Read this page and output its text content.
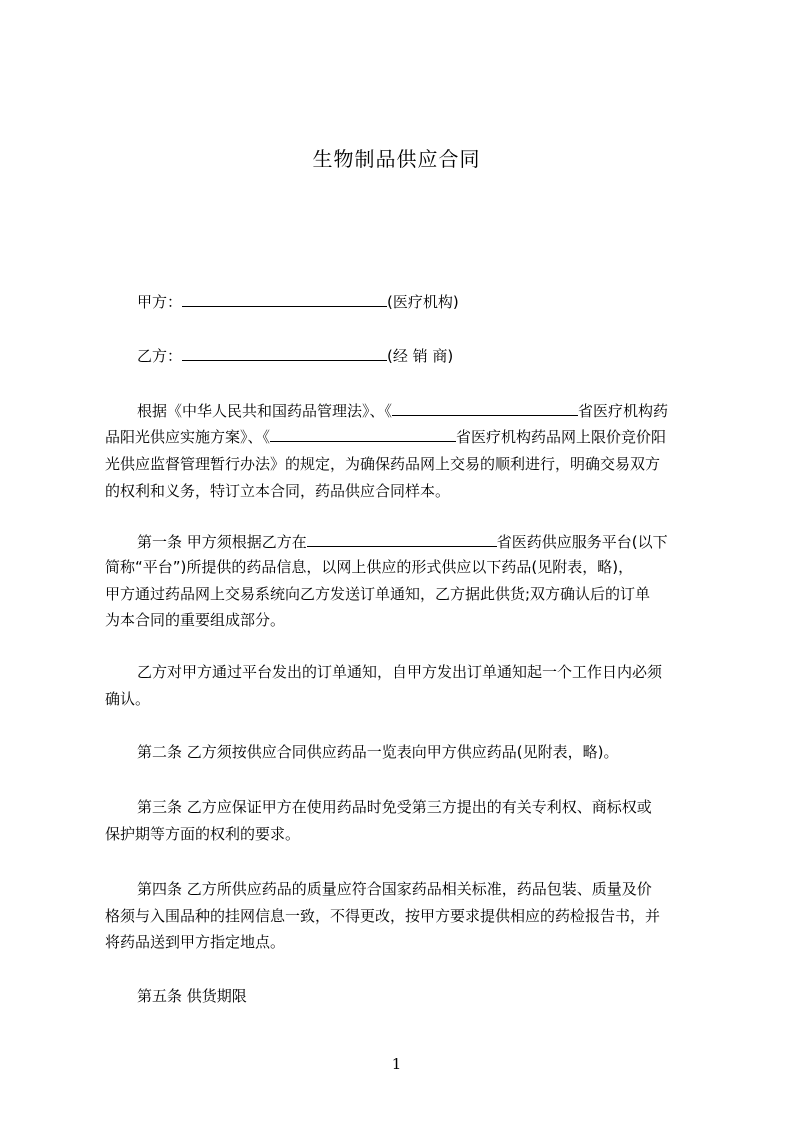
生物制品供应合同
甲方：	(医疗机构)
乙方：	(经 销 商)
根据《中华人民共和国药品管理法》、《	省医疗机构药
品阳光供应实施方案》、《	省医疗机构药品网上限价竞价阳
光供应监督管理暂行办法》的规定，为确保药品网上交易的顺利进行，明确交易双方
的权利和义务，特订立本合同，药品供应合同样本。
第一条 甲方须根据乙方在	省医药供应服务平台(以下
简称“平台”)所提供的药品信息，以网上供应的形式供应以下药品(见附表，略)，
甲方通过药品网上交易系统向乙方发送订单通知，乙方据此供货;双方确认后的订单
为本合同的重要组成部分。
乙方对甲方通过平台发出的订单通知，自甲方发出订单通知起一个工作日内必须
确认。
第二条 乙方须按供应合同供应药品一览表向甲方供应药品(见附表，略)。
第三条 乙方应保证甲方在使用药品时免受第三方提出的有关专利权、商标权或
保护期等方面的权利的要求。
第四条 乙方所供应药品的质量应符合国家药品相关标准，药品包装、质量及价
格须与入围品种的挂网信息一致，不得更改，按甲方要求提供相应的药检报告书，并
将药品送到甲方指定地点。
第五条 供货期限
1
